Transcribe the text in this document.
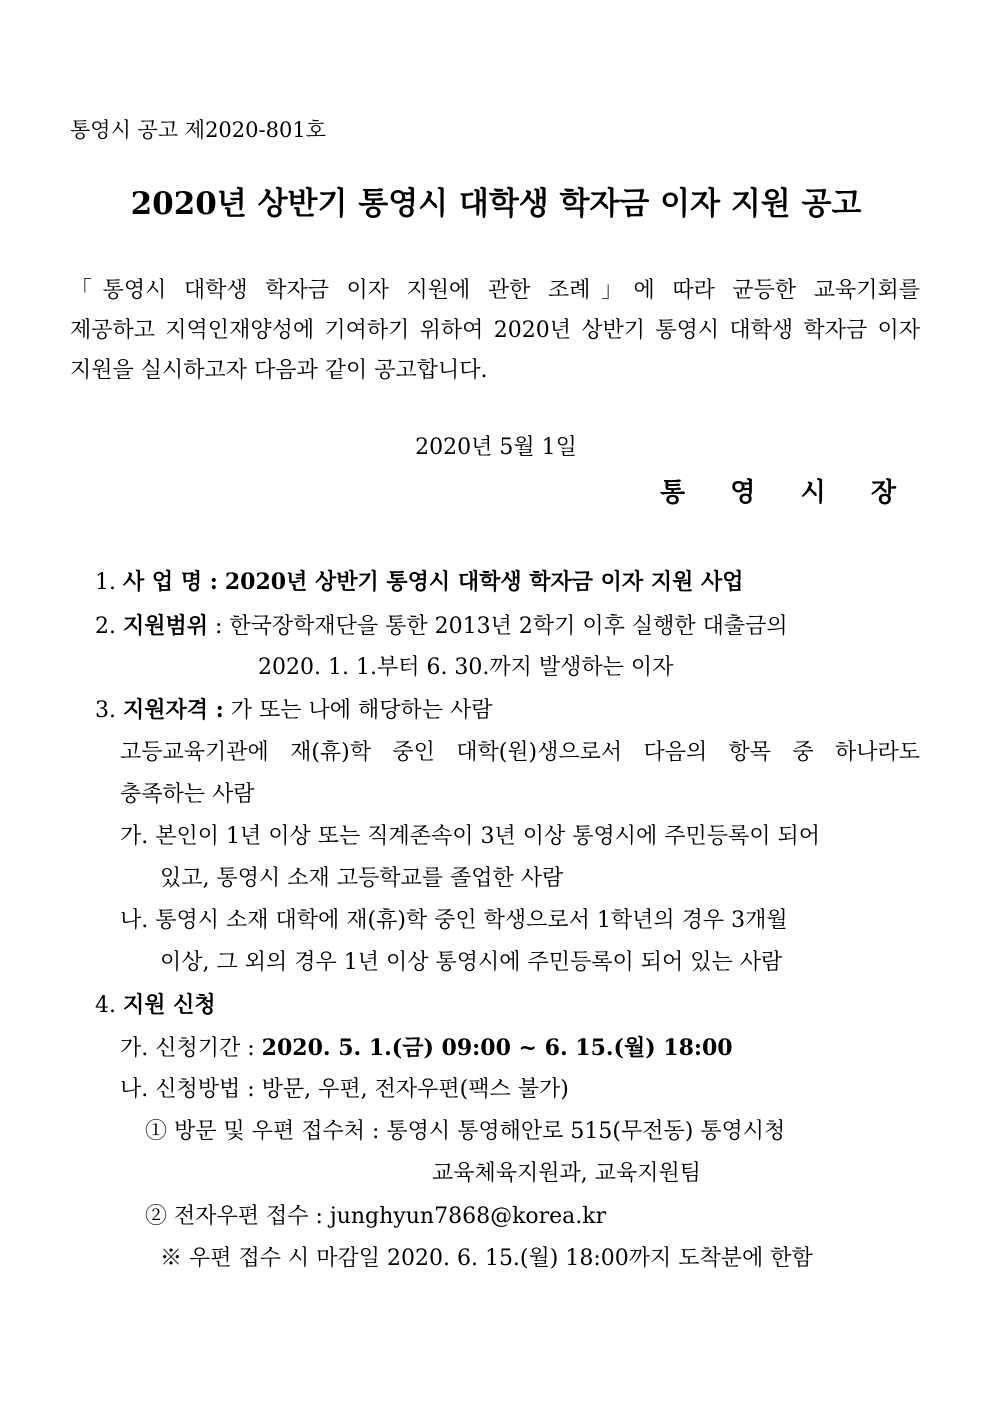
통영시 공고 제2020-801호
2020년 상반기 통영시 대학생 학자금 이자 지원 공고
「통영시 대학생 학자금 이자 지원에 관한 조례」에 따라 균등한 교육기회를
제공하고 지역인재양성에 기여하기 위하여 2020년 상반기 통영시 대학생 학자금 이자
지원을 실시하고자 다음과 같이 공고합니다.
2020년 5월 1일
통 영 시 장
1. 사 업 명 : 2020년 상반기 통영시 대학생 학자금 이자 지원 사업
2. 지원범위 : 한국장학재단을 통한 2013년 2학기 이후 실행한 대출금의
2020. 1. 1.부터 6. 30.까지 발생하는 이자
3. 지원자격 : 가 또는 나에 해당하는 사람
고등교육기관에 재(휴)학 중인 대학(원)생으로서 다음의 항목 중 하나라도
충족하는 사람
가. 본인이 1년 이상 또는 직계존속이 3년 이상 통영시에 주민등록이 되어
있고, 통영시 소재 고등학교를 졸업한 사람
나. 통영시 소재 대학에 재(휴)학 중인 학생으로서 1학년의 경우 3개월
이상, 그 외의 경우 1년 이상 통영시에 주민등록이 되어 있는 사람
4. 지원 신청
가. 신청기간 : 2020. 5. 1.(금) 09:00 ~ 6. 15.(월) 18:00
나. 신청방법 : 방문, 우편, 전자우편(팩스 불가)
① 방문 및 우편 접수처 : 통영시 통영해안로 515(무전동) 통영시청
교육체육지원과, 교육지원팀
② 전자우편 접수 : junghyun7868@korea.kr
※ 우편 접수 시 마감일 2020. 6. 15.(월) 18:00까지 도착분에 한함
